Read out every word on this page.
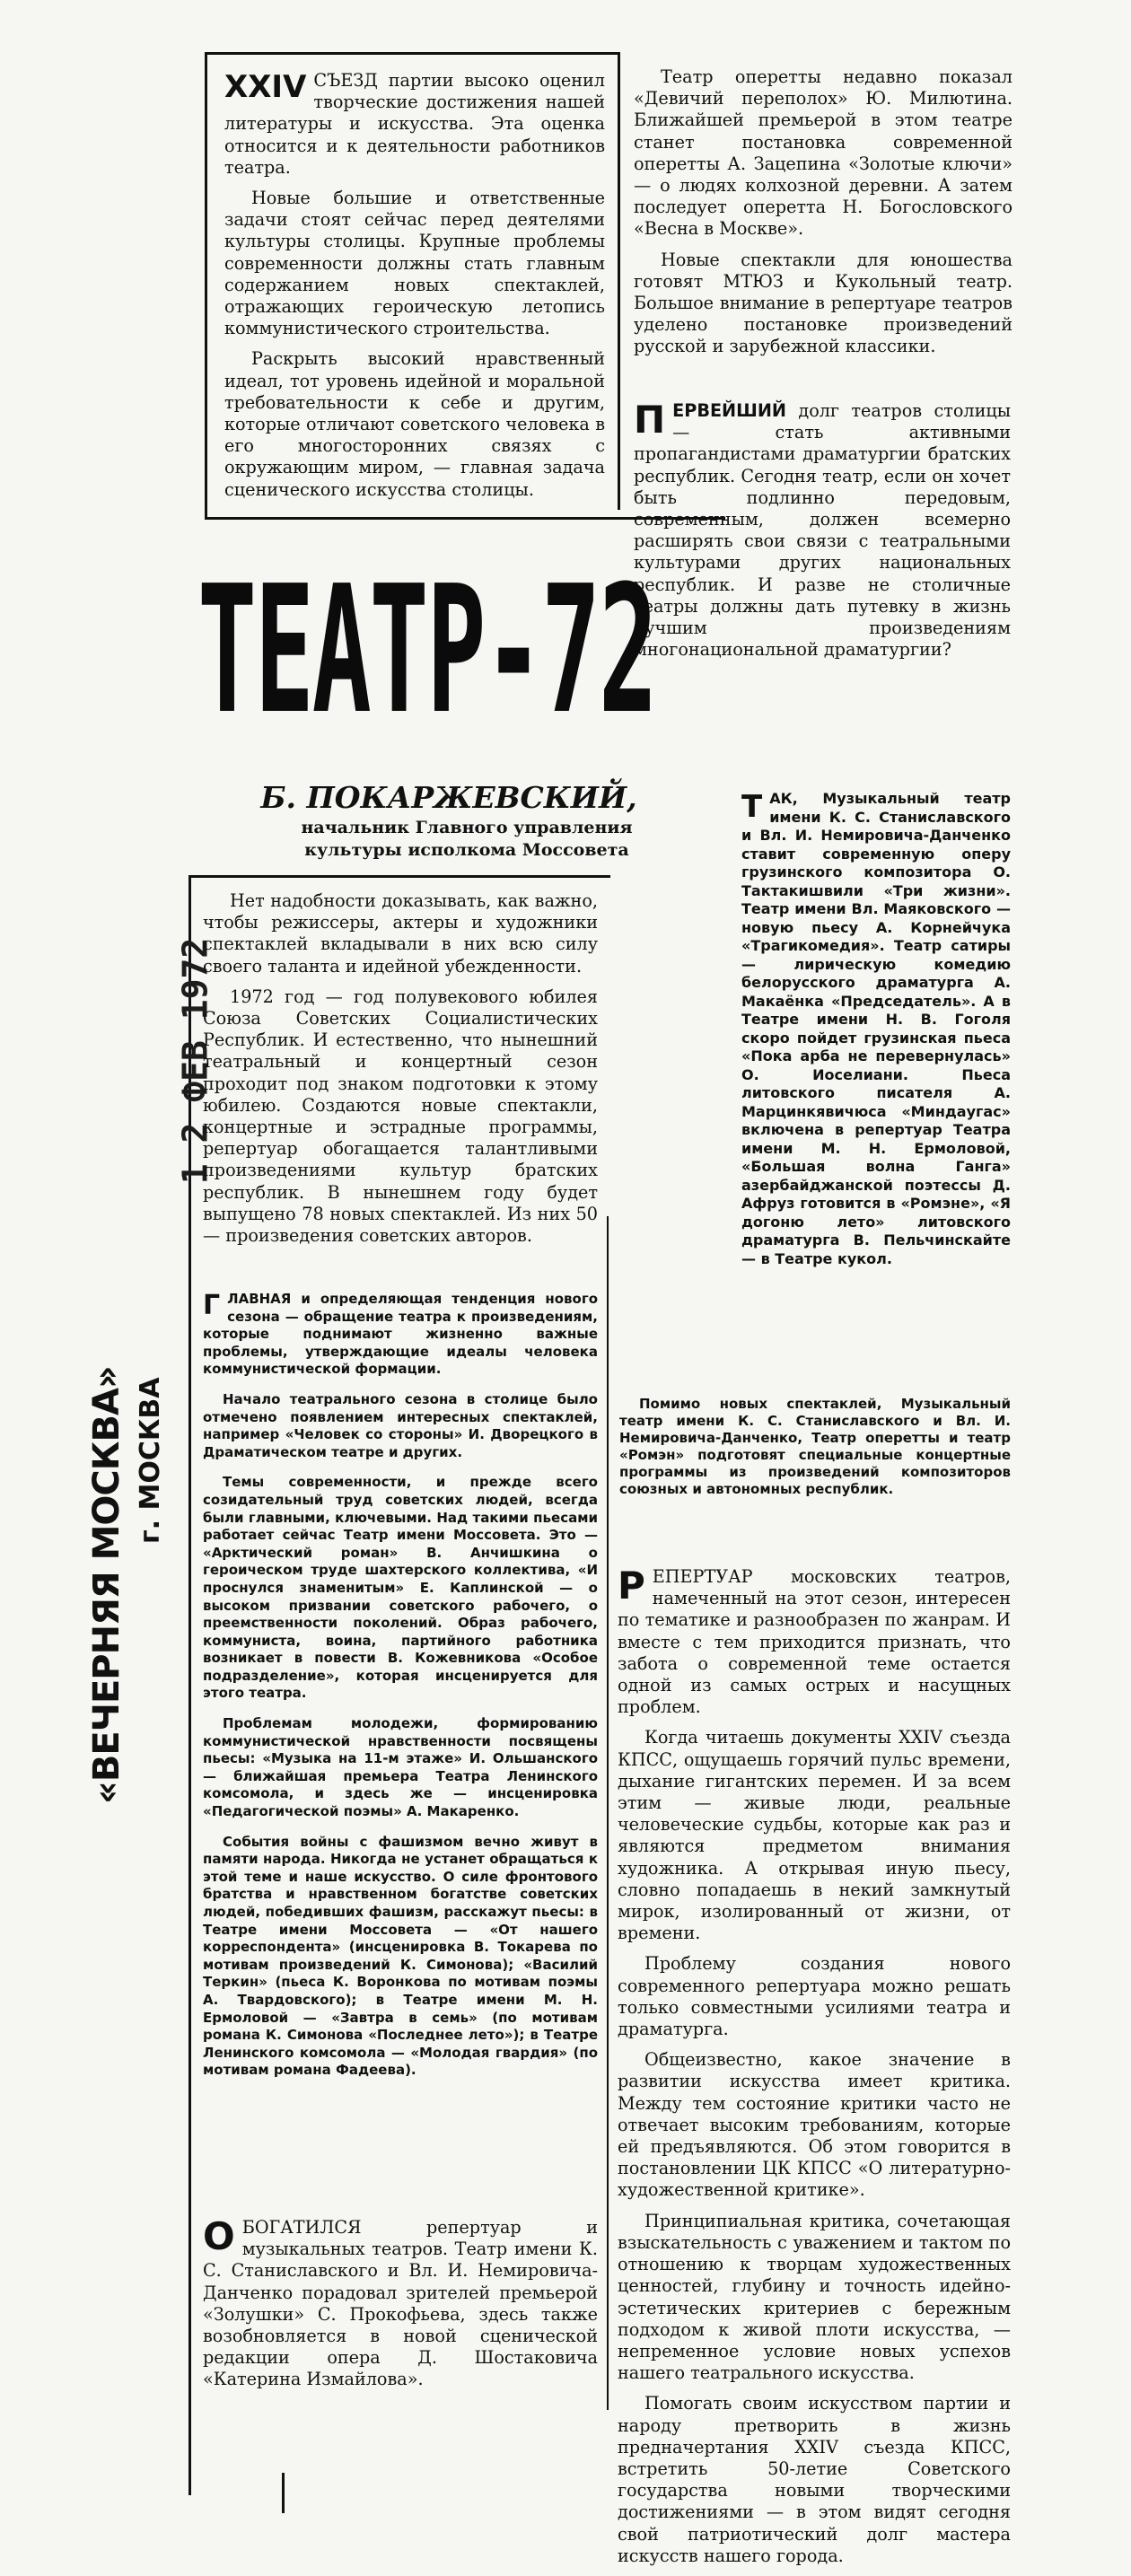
1 2 ФЕВ 1972
«ВЕЧЕРНЯЯ МОСКВА» г. МОСКВА

XXIV СЪЕЗД партии высоко оценил творческие достижения нашей литературы и искусства. Эта оценка относится и к деятельности работников театра.

Новые большие и ответственные задачи стоят сейчас перед деятелями культуры столицы. Крупные проблемы современности должны стать главным содержанием новых спектаклей, отражающих героическую летопись коммунистического строительства.

Раскрыть высокий нравственный идеал, тот уровень идейной и моральной требовательности к себе и другим, которые отличают советского человека в его многосторонних связях с окружающим миром, — главная задача сценического искусства столицы.

Театр оперетты недавно показал «Девичий переполох» Ю. Милютина. Ближайшей премьерой в этом театре станет постановка современной оперетты А. Зацепина «Золотые ключи» — о людях колхозной деревни. А затем последует оперетта Н. Богословского «Весна в Москве».

Новые спектакли для юношества готовят МТЮЗ и Кукольный театр. Большое внимание в репертуаре театров уделено постановке произведений русской и зарубежной классики.

ПЕРВЕЙШИЙ долг театров столицы — стать активными пропагандистами драматургии братских республик. Сегодня театр, если он хочет быть подлинно передовым, современным, должен всемерно расширять свои связи с театральными культурами других национальных республик. И разве не столичные театры должны дать путевку в жизнь лучшим произведениям многонациональной драматургии?

ТАК, Музыкальный театр имени К. С. Станиславского и Вл. И. Немировича-Данченко ставит современную оперу грузинского композитора О. Тактакишвили «Три жизни». Театр имени Вл. Маяковского — новую пьесу А. Корнейчука «Трагикомедия». Театр сатиры — лирическую комедию белорусского драматурга А. Макаёнка «Председатель». А в Театре имени Н. В. Гоголя скоро пойдет грузинская пьеса «Пока арба не перевернулась» О. Иоселиани. Пьеса литовского писателя А. Марцинкявичюса «Миндаугас» включена в репертуар Театра имени М. Н. Ермоловой, «Большая волна Ганга» азербайджанской поэтессы Д. Афруз готовится в «Ромэне», «Я догоню лето» литовского драматурга В. Пельчинскайте — в Театре кукол.

Помимо новых спектаклей, Музыкальный театр имени К. С. Станиславского и Вл. И. Немировича-Данченко, Театр оперетты и театр «Ромэн» подготовят специальные концертные программы из произведений композиторов союзных и автономных республик.

ТЕАТР-72
Б. ПОКАРЖЕВСКИЙ,
начальник Главного управления
культуры исполкома Моссовета

Нет надобности доказывать, как важно, чтобы режиссеры, актеры и художники спектаклей вкладывали в них всю силу своего таланта и идейной убежденности.

1972 год — год полувекового юбилея Союза Советских Социалистических Республик. И естественно, что нынешний театральный и концертный сезон проходит под знаком подготовки к этому юбилею. Создаются новые спектакли, концертные и эстрадные программы, репертуар обогащается талантливыми произведениями культур братских республик. В нынешнем году будет выпущено 78 новых спектаклей. Из них 50 — произведения советских авторов.

ГЛАВНАЯ и определяющая тенденция нового сезона — обращение театра к произведениям, которые поднимают жизненно важные проблемы, утверждающие идеалы человека коммунистической формации.

Начало театрального сезона в столице было отмечено появлением интересных спектаклей, например «Человек со стороны» И. Дворецкого в Драматическом театре и других.

Темы современности, и прежде всего созидательный труд советских людей, всегда были главными, ключевыми. Над такими пьесами работает сейчас Театр имени Моссовета. Это — «Арктический роман» В. Анчишкина о героическом труде шахтерского коллектива, «И проснулся знаменитым» Е. Каплинской — о высоком призвании советского рабочего, о преемственности поколений. Образ рабочего, коммуниста, воина, партийного работника возникает в повести В. Кожевникова «Особое подразделение», которая инсценируется для этого театра.

Проблемам молодежи, формированию коммунистической нравственности посвящены пьесы: «Музыка на 11-м этаже» И. Ольшанского — ближайшая премьера Театра Ленинского комсомола, и здесь же — инсценировка «Педагогической поэмы» А. Макаренко.

События войны с фашизмом вечно живут в памяти народа. Никогда не устанет обращаться к этой теме и наше искусство. О силе фронтового братства и нравственном богатстве советских людей, победивших фашизм, расскажут пьесы: в Театре имени Моссовета — «От нашего корреспондента» (инсценировка В. Токарева по мотивам произведений К. Симонова); «Василий Теркин» (пьеса К. Воронкова по мотивам поэмы А. Твардовского); в Театре имени М. Н. Ермоловой — «Завтра в семь» (по мотивам романа К. Симонова «Последнее лето»); в Театре Ленинского комсомола — «Молодая гвардия» (по мотивам романа Фадеева).

ОБОГАТИЛСЯ репертуар и музыкальных театров. Театр имени К. С. Станиславского и Вл. И. Немировича-Данченко порадовал зрителей премьерой «Золушки» С. Прокофьева, здесь также возобновляется в новой сценической редакции опера Д. Шостаковича «Катерина Измайлова».

РЕПЕРТУАР московских театров, намеченный на этот сезон, интересен по тематике и разнообразен по жанрам. И вместе с тем приходится признать, что забота о современной теме остается одной из самых острых и насущных проблем.

Когда читаешь документы XXIV съезда КПСС, ощущаешь горячий пульс времени, дыхание гигантских перемен. И за всем этим — живые люди, реальные человеческие судьбы, которые как раз и являются предметом внимания художника. А открывая иную пьесу, словно попадаешь в некий замкнутый мирок, изолированный от жизни, от времени.

Проблему создания нового современного репертуара можно решать только совместными усилиями театра и драматурга.

Общеизвестно, какое значение в развитии искусства имеет критика. Между тем состояние критики часто не отвечает высоким требованиям, которые ей предъявляются. Об этом говорится в постановлении ЦК КПСС «О литературно-художественной критике».

Принципиальная критика, сочетающая взыскательность с уважением и тактом по отношению к творцам художественных ценностей, глубину и точность идейно-эстетических критериев с бережным подходом к живой плоти искусства, — непременное условие новых успехов нашего театрального искусства.

Помогать своим искусством партии и народу претворить в жизнь предначертания XXIV съезда КПСС, встретить 50-летие Советского государства новыми творческими достижениями — в этом видят сегодня свой патриотический долг мастера искусств нашего города.
